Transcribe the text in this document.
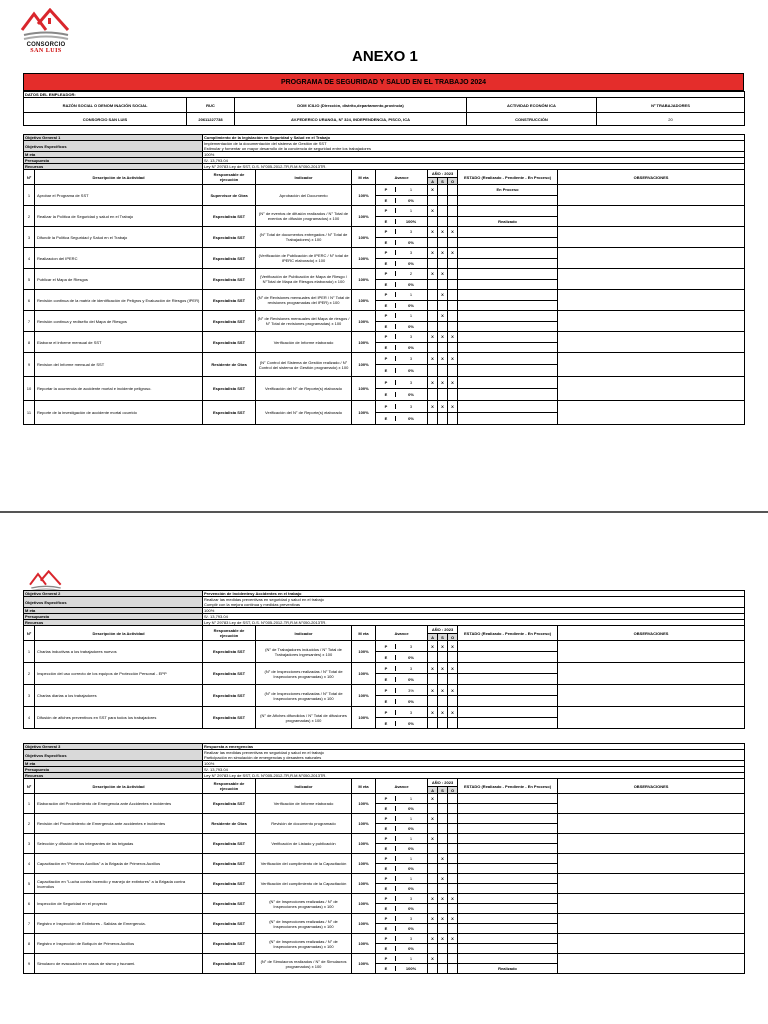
CONSORCIO
SAN LUIS	ANEXO 1
PROGRAMA DE SEGURIDAD Y SALUD EN EL TRABAJO 2024
DATOS DEL EMPLEADOR:				
RAZÓN SOCIAL O DENOM INACIÓN SOCIAL	RUC	DOM ICILIO (Dirección, distrito,departamento,provincia)	ACTIVIDAD ECONÓM ICA	Nº TRABAJADORES
CONSORCIO SAN LUIS	20611227738	AV.FEDERICO URANGA, N° 324, INDEPENDENCIA, PISCO, ICA	CONSTRUCCIÓN	20
Objetivo General 1		Cumplimiento de la legislación en Seguridad y Salud en el Trabajo								
Objetivos Especificos		Implementación de la documentación del sistema de Gestión de SST
Estimular y fomentar un mayor desarrollo de la conciencia de seguridad entre los trabajadores								

M eta		100%								
Presupuesto		S/. 13,793.04								
Recursos		Ley N° 29783 Ley de SST, D.S. N°005-2012-TR,R.M.N°050-2013TR.								
Nº	Descripción de la Actividad	Responsable de ejecución	Indicador	M eta	Avance	AÑO : 2023			ESTADO (Realizado - Pendiente - En Proceso)	OBSERVACIONES
						A	S	O		
1	Aprobar el Programa de SST	Supervisor de Obra	Aprobación del Documento	100%	P 1	X			En Proceso	

					E 0%					

2	Realizar la Política de Seguridad y salud en el Trabajo	Especialista SST	(N° de eventos de difusión realizados / N° Total de eventos de difusión programados) x 100	100%	P 1	X				

					E 100%				Realizado	
3	Difundir la Política Seguridad y Salud en el Trabajo	Especialista SST	(N° Total de documentos entregados / N° Total de Trabajadores) x 100	100%	P 3	X	X	X		

					E 0%					

4	Realizacion del IPERC	Especialista SST	(Verificación de Publicación de IPERC / N° total de IPERC elaborado) x 100	100%	P 3	X	X	X		

					E 0%					

5	Publicar el Mapa de Riesgos	Especialista SST	(Verificación de Publicación de Mapa de Riesgo / N°Total de Mapa de Riesgos elaborado) x 100	100%	P 2	X	X			

					E 0%					

6	Revisión continua de la matriz de identificación de Peligros y Evaluación de Riesgos (IPER)	Especialista SST	(N° de Revisiones mensuales del IPER / N° Total de revisiones programadas del IPER) x 100	100%	P 1		X			

					E 0%					

7	Revisión continua y rediseño del Mapa de Riesgos	Especialista SST	(N° de Revisiones mensuales del Mapa de riesgos / N° Total de revisiones programadas) x 100	100%	P 1		X			

					E 0%					

8	Elaborar el informe mensual de SST	Especialista SST	Verificación de Informe elaborado	100%	P 3	X	X	X		

					E 0%					

9	Revision del Informe mensual de SST	Residente de Obra	(N° Control del Sistema de Gestión realizado / N° Control del sistema de Gestión programado) x 100	100%	P 3	X	X	X		

					E 0%					

10	Reportar la ocurrencia de accidente mortal e incidente peligroso.	Especialista SST	Verificación del N° de Reporte(s) elaborado	100%	P 3	X	X	X		

					E 0%					

11	Reporte de la investigación de accidente mortal ocurrido	Especialista SST	Verificación del N° de Reporte(s) elaborado	100%	P 3	X	X	X		

					E 0%					

Objetivo General 2		Prevención de Incidentesy Accidentes en el trabajo								
Objetivos Especificos		Realizar las medidas preventivas en seguridad y salud en el trabajo
Cumplir con la mejora continua y medidas preventivas								

M eta		100%								
Presupuesto		S/. 13,793.04								
Recursos		Ley N° 29783 Ley de SST, D.S. N°005-2012-TR,R.M.N°050-2013TR.								
Nº	Descripción de la Actividad	Responsable de ejecución	Indicador	M eta	Avance	AÑO : 2023			ESTADO (Realizado - Pendiente - En Proceso)	OBSERVACIONES
						A	S	O		
1	Charlas inductivas a los trabajadores nuevos	Especialista SST	(N° de Trabajadores inducidos / N° Total de Trabajadores ingresantes) x 100	100%	P 3	X	X	X		

					E 0%					

2	Inspección del uso correcto de los equipos de Protección Personal - EPP	Especialista SST	(N° de Inspecciones realizadas / N° Total de Inspecciones programadas) x 100	100%	P 3	X	X	X		

					E 0%					

3	Charlas diarias a los trabajadores	Especialista SST	(N° de Inspecciones realizadas / N° Total de Inspecciones programadas) x 100	100%	P 3%	X	X	X		

					E 0%					

4	Difusión de afiches preventivos en SST para todos los trabajadores	Especialista SST	(N° de Afiches difundidos / N° Total de difusiones programadas) x 100	100%	P 3	X	X	X		

					E 0%					

Objetivo General 3		Respuesta a emergencias								
Objetivos Especificos		Realizar las medidas preventivas en seguridad y salud en el trabajo
Participación en simulación de emergencias y desastres naturales								

M eta		100%								
Presupuesto		S/. 13,793.04								
Recursos		Ley N° 29783 Ley de SST, D.S. N°005-2012-TR,R.M.N°050-2013TR.								
Nº	Descripción de la Actividad	Responsable de ejecución	Indicador	M eta	Avance	AÑO : 2023			ESTADO (Realizado - Pendiente - En Proceso)	OBSERVACIONES
						A	S	O		
1	Elaboración del Procedimiento de Emergencia ante Accidentes e incidentes	Especialista SST	Verificación de Informe elaborado	100%	P 1	X				

					E 0%					

2	Revisión del Procedimiento de Emergencia ante accidentes e incidentes	Residente de Obra	Revisión de documento programado	100%	P 1	X				

					E 0%					

3	Selección y difusión de los integrantes de las brigadas	Especialista SST	Verificación de Listado y publicación	100%	P 1	X				

					E 0%					

4	Capacitación en "Primeros Auxilios" a la Brigada de Primeros Auxilios	Especialista SST	Verificación del cumplimiento de la Capacitación	100%	P 1		X			

					E 0%					

5	Capacitación en "Lucha contra Incendio y manejo de extintores" a la Brigada contra Incendios	Especialista SST	Verificación del cumplimiento de la Capacitación	100%	P 1		X			

					E 0%					

6	Inspección de Seguridad en el proyecto	Especialista SST	(N° de Inspecciones realizadas / N° de Inspecciones programadas) x 100	100%	P 3	X	X	X		

					E 0%					

7	Registro e Inspección de Extintores - Salidas de Emergencia.	Especialista SST	(N° de Inspecciones realizadas / N° de Inspecciones programadas) x 100	100%	P 3	X	X	X		

					E 0%					

8	Registro e Inspección de Botiquín de Primeros Auxilios	Especialista SST	(N° de Inspecciones realizadas / N° de Inspecciones programadas) x 100	100%	P 3	X	X	X		

					E 0%					

9	Simulacro de evacuación en casos de sismo y tsunami.	Especialista SST	(N° de Simulacros realizados / N° de Simulacros programados) x 100	100%	P 1	X				

					E 100%				Realizado	
